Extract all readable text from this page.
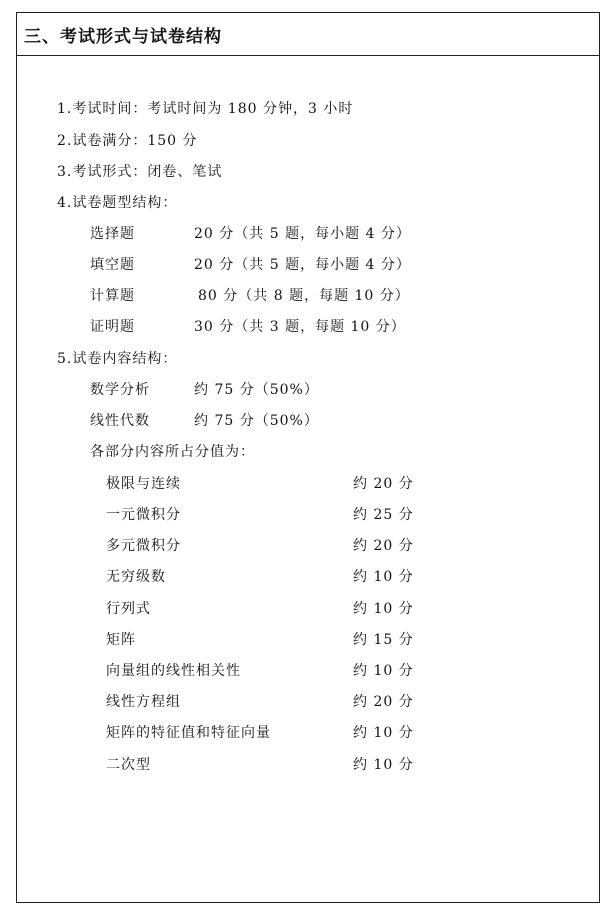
三、考试形式与试卷结构
1.考试时间：考试时间为 180 分钟，3 小时
2.试卷满分：150 分
3.考试形式：闭卷、笔试
4.试卷题型结构：
选择题	20 分（共 5 题，每小题 4 分）
填空题	20 分（共 5 题，每小题 4 分）
计算题	80 分（共 8 题，每题 10 分）
证明题	30 分（共 3 题，每题 10 分）
5.试卷内容结构：
数学分析	约 75 分（50%）
线性代数	约 75 分（50%）
各部分内容所占分值为：
极限与连续	约 20 分
一元微积分	约 25 分
多元微积分	约 20 分
无穷级数	约 10 分
行列式	约 10 分
矩阵	约 15 分
向量组的线性相关性	约 10 分
线性方程组	约 20 分
矩阵的特征值和特征向量	约 10 分
二次型	约 10 分
